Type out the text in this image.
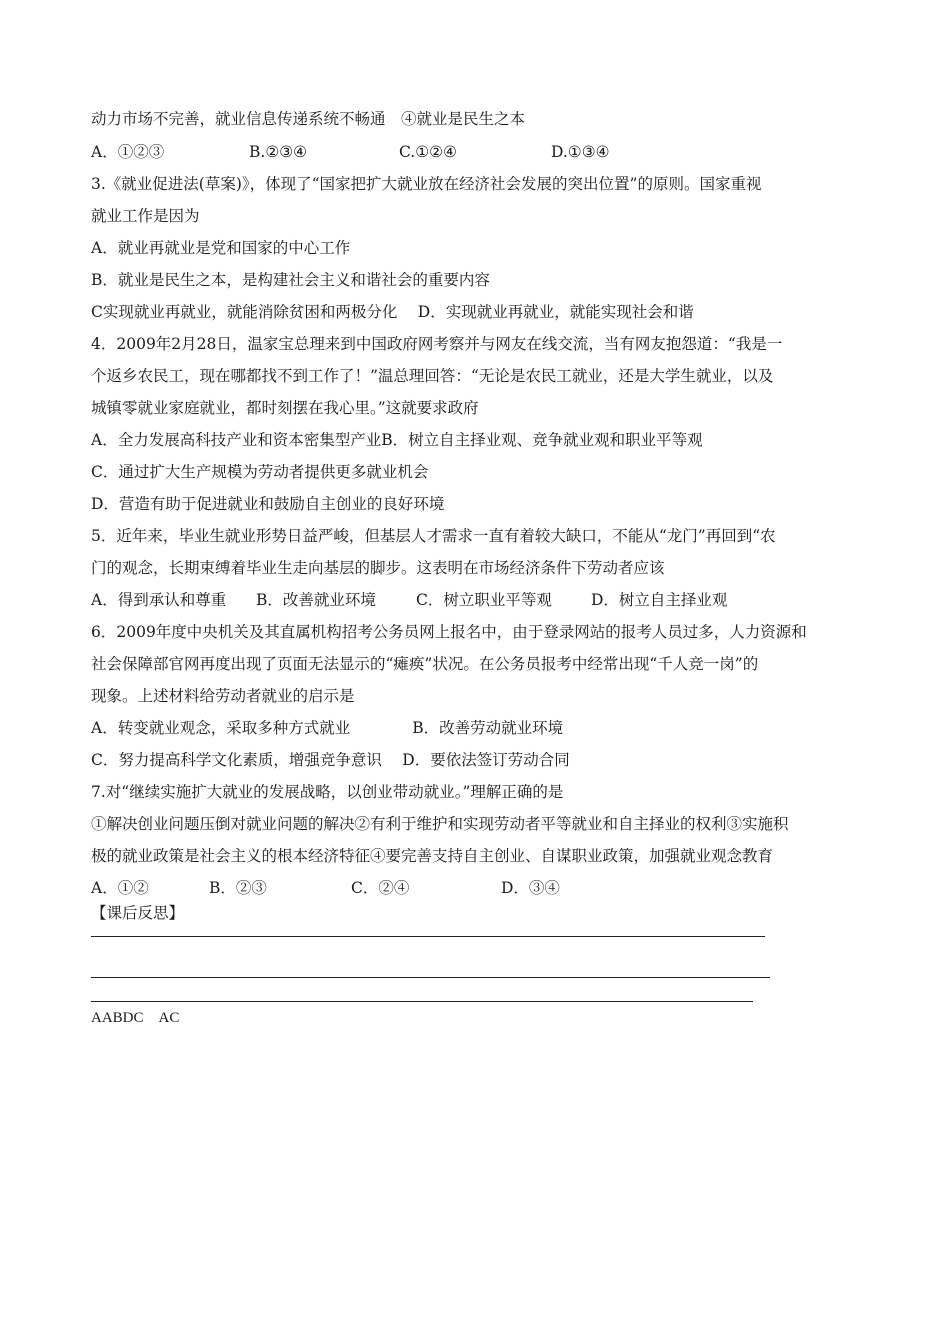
动力市场不完善，就业信息传递系统不畅通　④就业是民生之本
A．①②③	B.②③④	C.①②④	D.①③④
3.《就业促进法(草案)》，体现了“国家把扩大就业放在经济社会发展的突出位置”的原则。国家重视
就业工作是因为
A．就业再就业是党和国家的中心工作
B．就业是民生之本，是构建社会主义和谐社会的重要内容
C实现就业再就业，就能消除贫困和两极分化　 D．实现就业再就业，就能实现社会和谐
4．2009年2月28日，温家宝总理来到中国政府网考察并与网友在线交流，当有网友抱怨道：“我是一
个返乡农民工，现在哪都找不到工作了！”温总理回答：“无论是农民工就业，还是大学生就业，以及
城镇零就业家庭就业，都时刻摆在我心里。”这就要求政府
A．全力发展高科技产业和资本密集型产业B．树立自主择业观、竞争就业观和职业平等观
C．通过扩大生产规模为劳动者提供更多就业机会
D．营造有助于促进就业和鼓励自主创业的良好环境
5．近年来，毕业生就业形势日益严峻，但基层人才需求一直有着较大缺口，不能从“龙门”再回到“农
门的观念，长期束缚着毕业生走向基层的脚步。这表明在市场经济条件下劳动者应该
A．得到承认和尊重 B．改善就业环境	C．树立职业平等观	D．树立自主择业观
6．2009年度中央机关及其直属机构招考公务员网上报名中，由于登录网站的报考人员过多，人力资源和
社会保障部官网再度出现了页面无法显示的“瘫痪”状况。在公务员报考中经常出现“千人竞一岗”的
现象。上述材料给劳动者就业的启示是
A．转变就业观念，采取多种方式就业　　　　B．改善劳动就业环境
C．努力提高科学文化素质，增强竞争意识　 D．要依法签订劳动合同
7.对“继续实施扩大就业的发展战略，以创业带动就业。”理解正确的是
①解决创业问题压倒对就业问题的解决②有利于维护和实现劳动者平等就业和自主择业的权利③实施积
极的就业政策是社会主义的根本经济特征④要完善支持自主创业、自谋职业政策，加强就业观念教育
A．①②	B．②③	C．②④	D．③④
【课后反思】
AABDC　AC
